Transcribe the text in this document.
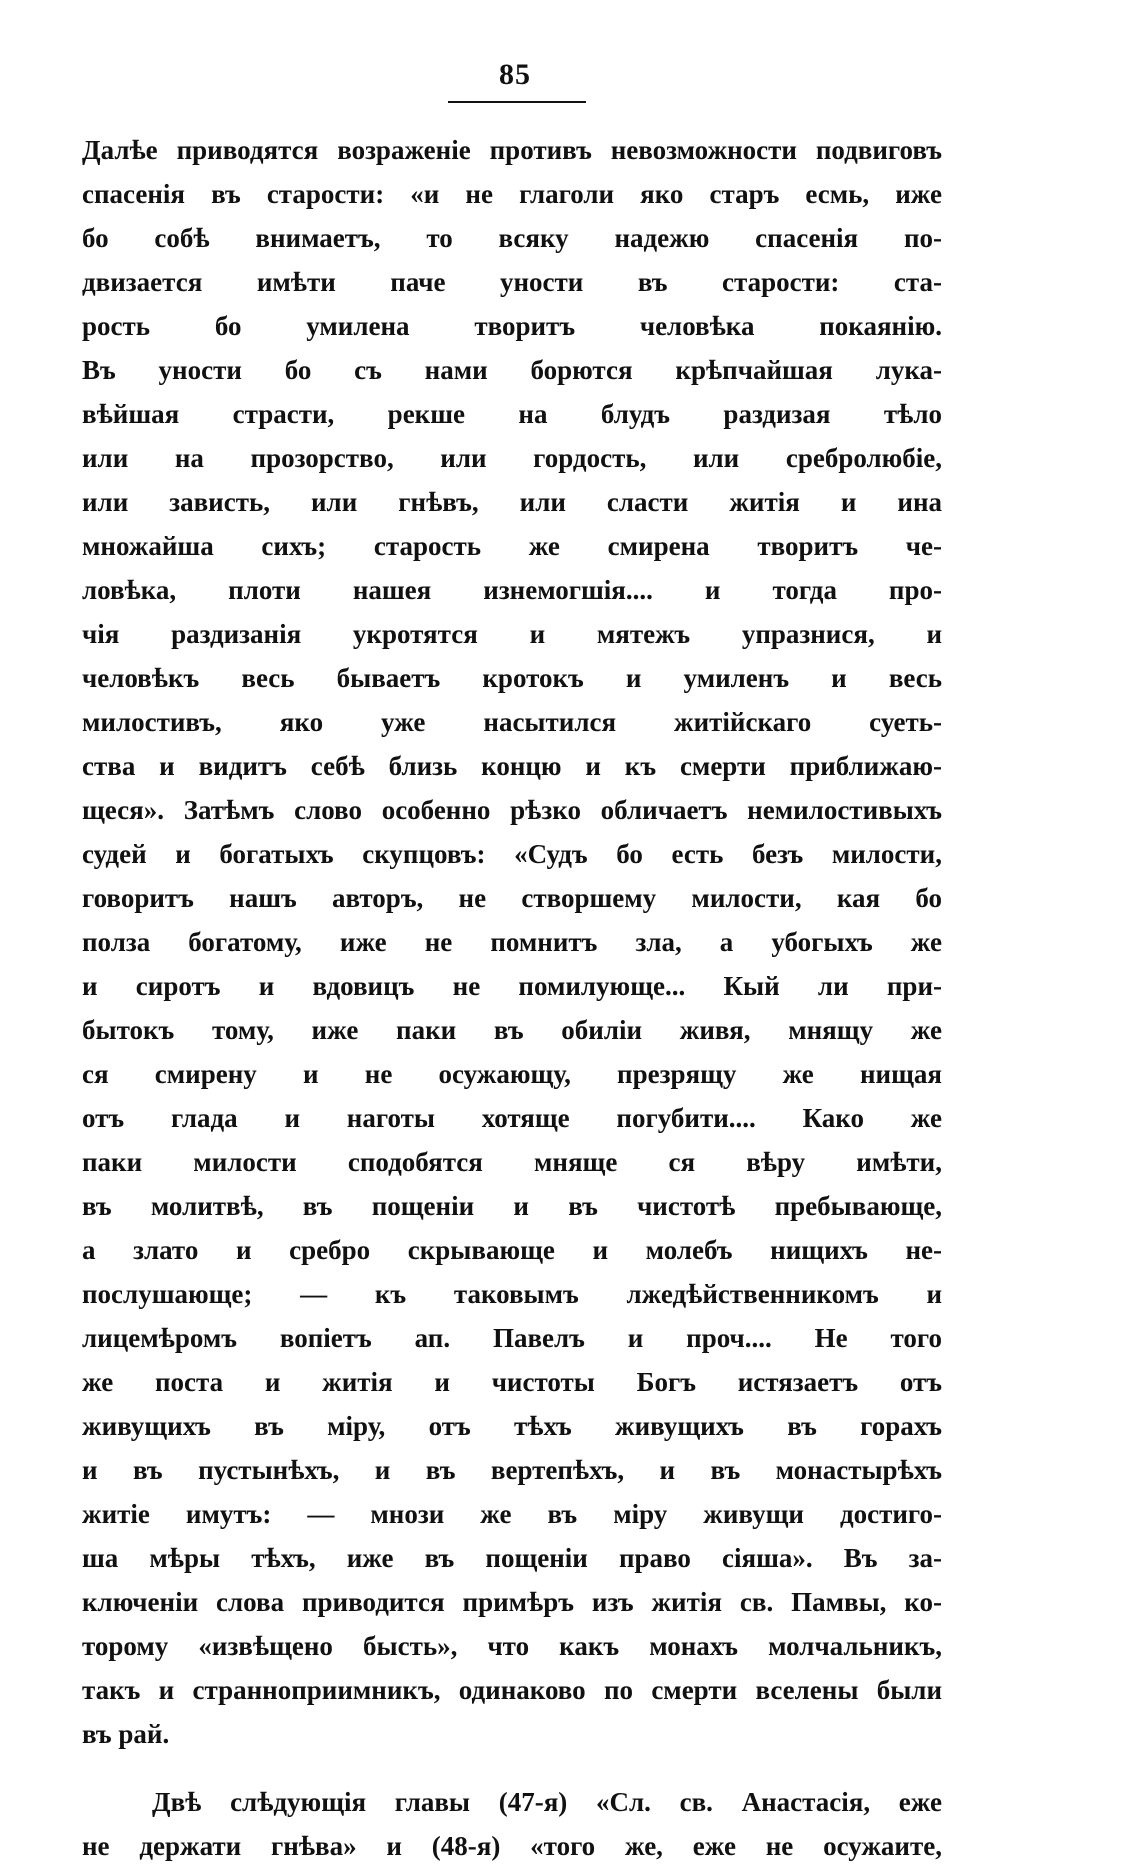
85
Далѣе приводятся возраженіе противъ невозможности подвиговъ
спасенія въ старости: «и не глаголи яко старъ есмь, иже
бо собѣ внимаетъ, то всяку надежю спасенія по-
двизается имѣти паче уности въ старости: ста-
рость бо умилена творитъ человѣка покаянію.
Въ уности бо съ нами борются крѣпчайшая лука-
вѣйшая страсти, рекше на блудъ раздизая тѣло
или на прозорство, или гордость, или сребролюбіе,
или зависть, или гнѣвъ, или сласти житія и ина
множайша сихъ; старость же смирена творитъ че-
ловѣка, плоти нашея изнемогшія.... и тогда про-
чія раздизанія укротятся и мятежъ упразнися, и
человѣкъ весь бываетъ кротокъ и умиленъ и весь
милостивъ, яко уже насытился житійскаго суеть-
ства и видитъ себѣ близь концю и къ смерти приближаю-
щеся». Затѣмъ слово особенно рѣзко обличаетъ немилостивыхъ
судей и богатыхъ скупцовъ: «Судъ бо есть безъ милости,
говоритъ нашъ авторъ, не створшему милости, кая бо
полза богатому, иже не помнитъ зла, а убогыхъ же
и сиротъ и вдовицъ не помилующе... Кый ли при-
бытокъ тому, иже паки въ обилiи живя, мнящу же
ся смирену и не осужающу, презрящу же нищая
отъ глада и наготы хотяще погубити.... Како же
паки милости сподобятся мняще ся вѣру имѣти,
въ молитвѣ, въ пощеніи и въ чистотѣ пребывающе,
а злато и сребро скрывающе и молебъ нищихъ не-
послушающе; — къ таковымъ лжедѣйственникомъ и
лицемѣромъ вопіетъ ап. Павелъ и проч.... Не того
же поста и житія и чистоты Богъ истязаетъ отъ
живущихъ въ міру, отъ тѣхъ живущихъ въ горахъ
и въ пустынѣхъ, и въ вертепѣхъ, и въ монастырѣхъ
житіе имутъ: — мнози же въ міру живущи достиго-
ша мѣры тѣхъ, иже въ пощеніи право сіяша». Въ за-
ключеніи слова приводится примѣръ изъ житія св. Памвы, ко-
торому «извѣщено бысть», что какъ монахъ молчальникъ,
такъ и странноприимникъ, одинаково по смерти вселены были
въ рай.
Двѣ слѣдующія главы (47-я) «Сл. св. Анастасія, еже
не держати гнѣва» и (48-я) «того же, еже не осужаите,
